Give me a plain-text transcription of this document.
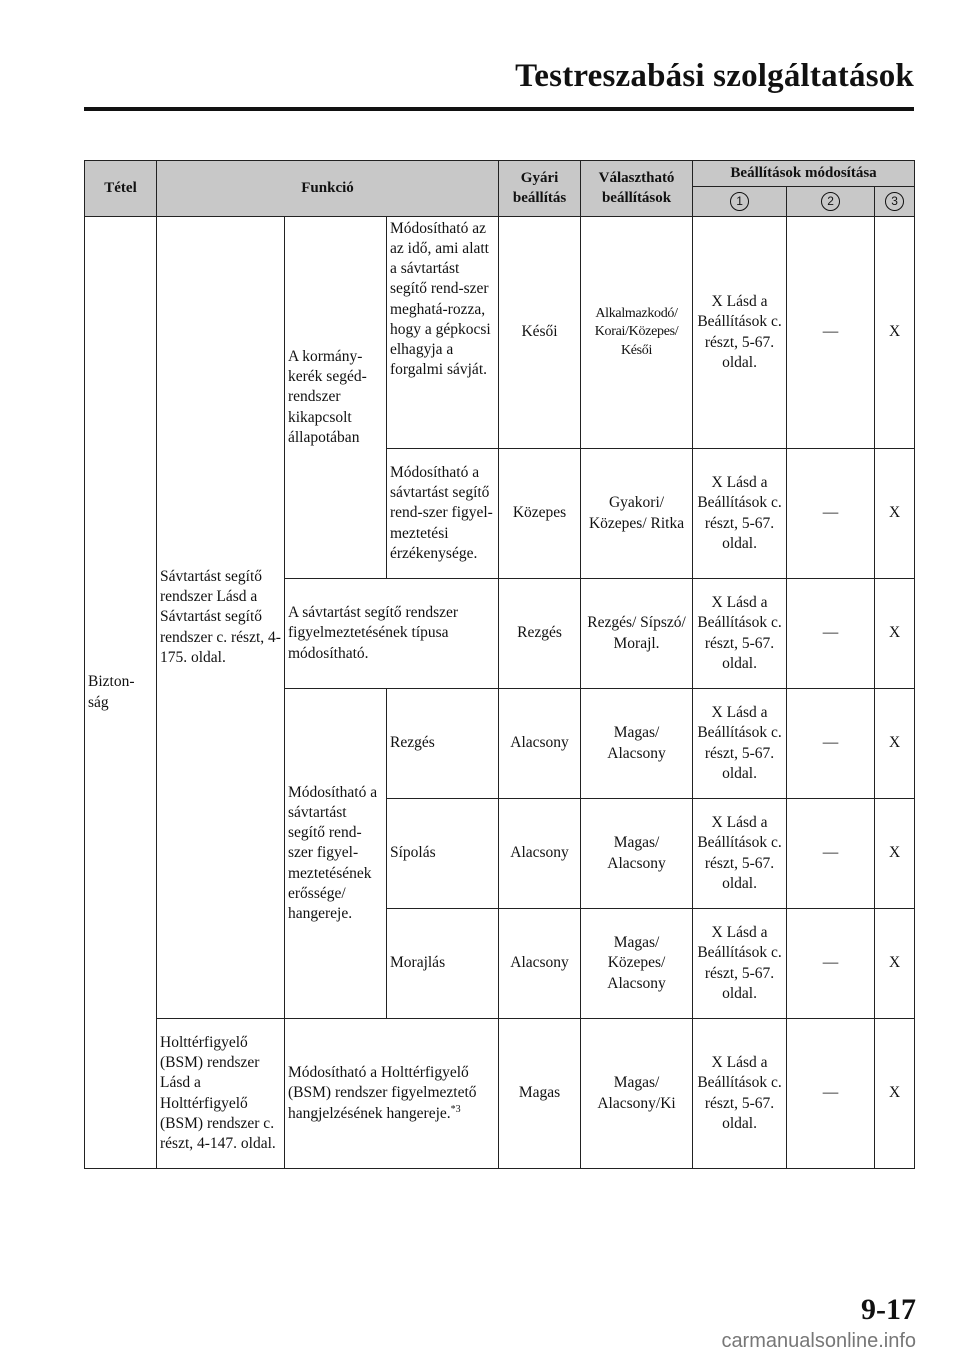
Testreszabási szolgáltatások
Tétel	Funkció			Gyári beállítás	Választható beállítások	Beállítások módosítása		
						1	2	3
Bizton-ság	Sávtartást segítő rendszer Lásd a Sávtartást segítő rendszer c. részt, 4-175. oldal.	A kormány-kerék segéd-rendszer kikapcsolt állapotában	Módosítható az az idő, ami alatt a sávtartást segítő rend-szer meghatá-rozza, hogy a gépkocsi elhagyja a forgalmi sávját.	Késői	Alkalmazkodó/ Korai/Közepes/ Késői	X Lásd a Beállítások c. részt, 5-67. oldal.	—	X
			Módosítható a sávtartást segítő rend-szer figyel-meztetési érzékenysége.	Közepes	Gyakori/ Közepes/ Ritka	X Lásd a Beállítások c. részt, 5-67. oldal.	—	X
		A sávtartást segítő rendszer figyelmeztetésének típusa módosítható.		Rezgés	Rezgés/ Sípszó/ Morajl.	X Lásd a Beállítások c. részt, 5-67. oldal.	—	X
		Módosítható a sávtartást segítő rend-szer figyel-meztetésének erőssége/ hangereje.	Rezgés	Alacsony	Magas/ Alacsony	X Lásd a Beállítások c. részt, 5-67. oldal.	—	X
			Sípolás	Alacsony	Magas/ Alacsony	X Lásd a Beállítások c. részt, 5-67. oldal.	—	X
			Morajlás	Alacsony	Magas/ Közepes/ Alacsony	X Lásd a Beállítások c. részt, 5-67. oldal.	—	X
	Holttérfigyelő (BSM) rendszer Lásd a Holttérfigyelő (BSM) rendszer c. részt, 4-147. oldal.	Módosítható a Holttérfigyelő (BSM) rendszer figyelmeztető hangjelzésének hangereje.$^{*3}$		Magas	Magas/ Alacsony/Ki	X Lásd a Beállítások c. részt, 5-67. oldal.	—	X
9-17
carmanualsonline.info
